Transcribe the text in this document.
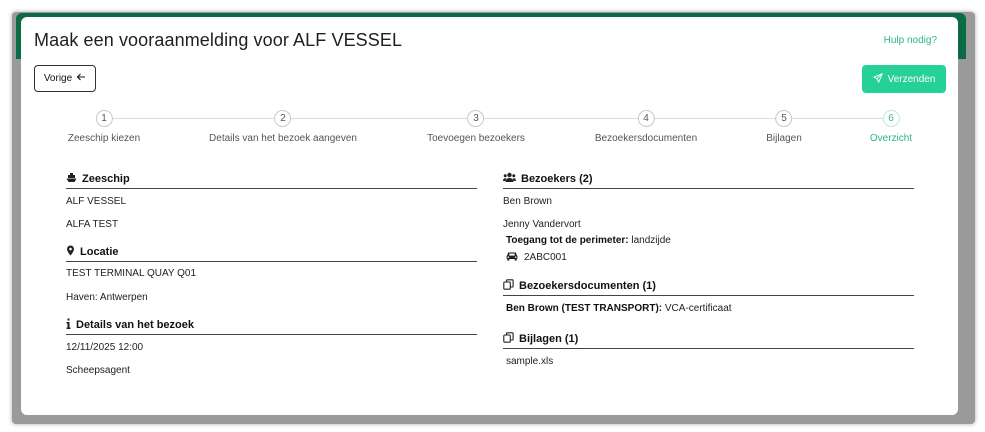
Maak een vooraanmelding voor ALF VESSEL	Hulp nodig?
Vorige	Verzenden
1
Zeeschip kiezen
2
Details van het bezoek aangeven
3
Toevoegen bezoekers
4
Bezoekersdocumenten
5
Bijlagen
6
Overzicht
Zeeschip
ALF VESSEL
ALFA TEST
Locatie
TEST TERMINAL QUAY Q01
Haven: Antwerpen
Details van het bezoek
12/11/2025 12:00
Scheepsagent
Bezoekers (2)
Ben Brown
Jenny Vandervort
Toegang tot de perimeter: landzijde
2ABC001
Bezoekersdocumenten (1)
Ben Brown (TEST TRANSPORT): VCA-certificaat
Bijlagen (1)
sample.xls
